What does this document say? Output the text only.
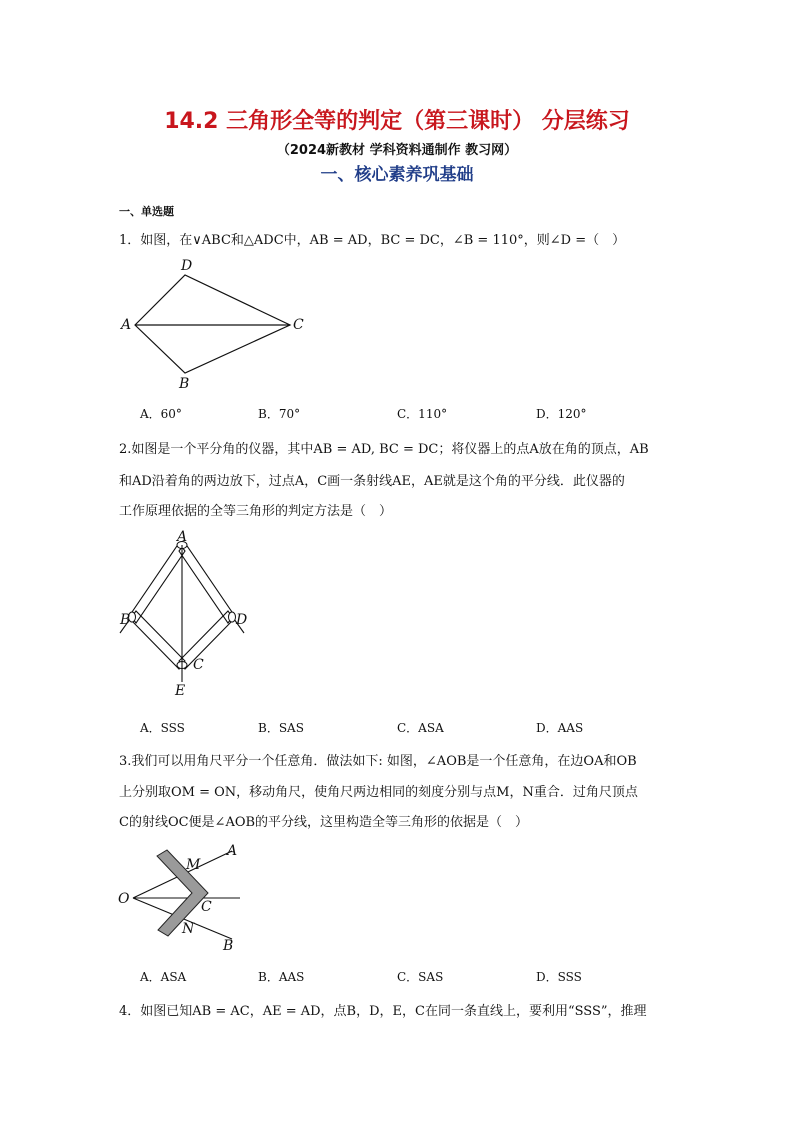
14.2 三角形全等的判定（第三课时） 分层练习
（2024新教材 学科资料通制作 教习网）
一、核心素养巩基础
一、单选题
1．如图，在∨ABC和△ADC中，AB = AD，BC = DC，∠B = 110°，则∠D =（　）
D
A	C
B
A．60°	B．70°	C．110°	D．120°
2.如图是一个平分角的仪器，其中AB = AD, BC = DC；将仪器上的点A放在角的顶点，AB
和AD沿着角的两边放下，过点A，C画一条射线AE，AE就是这个角的平分线．此仪器的
工作原理依据的全等三角形的判定方法是（　）
A
B	D
C
E
A．SSS	B．SAS	C．ASA	D．AAS
3.我们可以用角尺平分一个任意角．做法如下: 如图，∠AOB是一个任意角，在边OA和OB
上分别取OM = ON，移动角尺，使角尺两边相同的刻度分别与点M，N重合．过角尺顶点
C的射线OC便是∠AOB的平分线，这里构造全等三角形的依据是（　）
A
M
O	C
N
B
A．ASA	B．AAS	C．SAS	D．SSS
4．如图已知AB = AC，AE = AD，点B，D，E，C在同一条直线上，要利用“SSS”，推理
